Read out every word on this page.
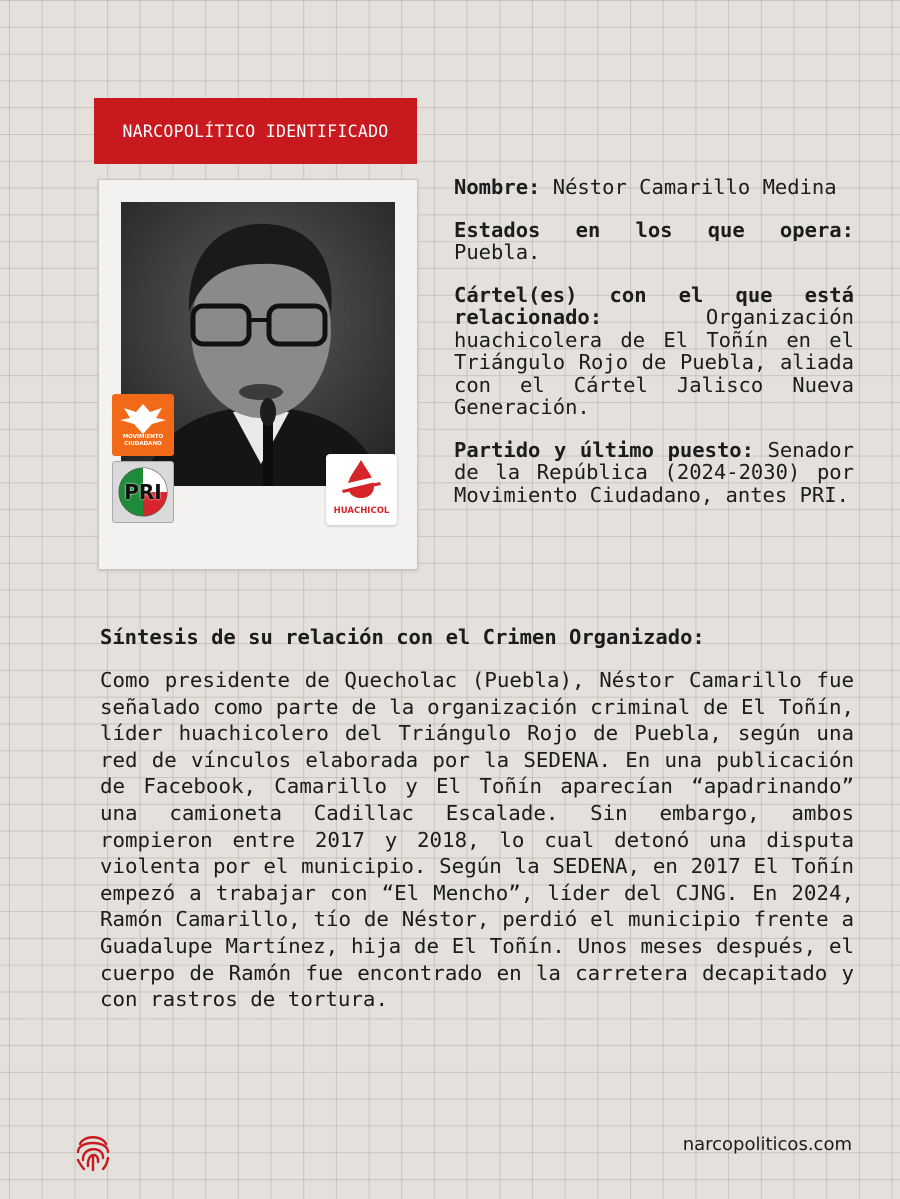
NARCOPOLÍTICO IDENTIFICADO
MOVIMIENTO
CIUDADANO
PRI
HUACHICOL

Nombre: Néstor Camarillo Medina

Estados en los que opera: Puebla.

Cártel(es) con el que está relacionado:	Organización huachicolera de El Toñín en el Triángulo Rojo de Puebla, aliada con el Cártel Jalisco Nueva Generación.

Partido y último puesto: Senador de la República (2024-2030) por Movimiento Ciudadano, antes PRI.

Síntesis de su relación con el Crimen Organizado:

Como presidente de Quecholac (Puebla), Néstor Camarillo fue señalado como parte de la organización criminal de El Toñín, líder huachicolero del Triángulo Rojo de Puebla, según una red de vínculos elaborada por la SEDENA. En una publicación de Facebook, Camarillo y El Toñín aparecían “apadrinando” una camioneta Cadillac Escalade. Sin embargo, ambos rompieron entre 2017 y 2018, lo cual detonó una disputa violenta por el municipio. Según la SEDENA, en 2017 El Toñín empezó a trabajar con “El Mencho”, líder del CJNG. En 2024, Ramón Camarillo, tío de Néstor, perdió el municipio frente a Guadalupe Martínez, hija de El Toñín. Unos meses después, el cuerpo de Ramón fue encontrado en la carretera decapitado y con rastros de tortura.

narcopoliticos.com
